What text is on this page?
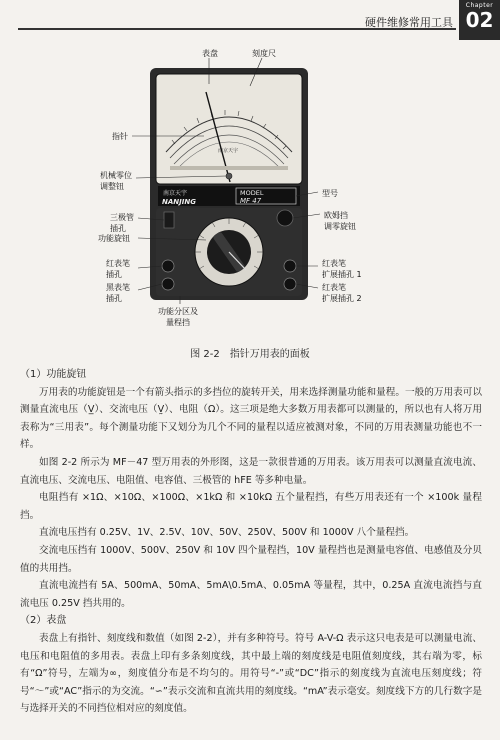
硬件维修常用工具
Chapter
02
南京天宇
南京天宇
NANJING
MODEL
MF 47
表盘	刻度尺
指针
机械零位
调整钮
型号
三极管
插孔
欧姆挡
调零旋钮
功能旋钮
红表笔
插孔
黑表笔
插孔
红表笔
扩展插孔 1
红表笔
扩展插孔 2
功能分区及
量程挡
图 2-2 指针万用表的面板

（1）功能旋钮

万用表的功能旋钮是一个有箭头指示的多挡位的旋转开关，用来选择测量功能和量程。一般的万用表可以测量直流电压（V̲）、交流电压（V̰）、电阻（Ω）。这三项是绝大多数万用表都可以测量的，所以也有人将万用表称为“三用表”。每个测量功能下又划分为几个不同的量程以适应被测对象，不同的万用表测量功能也不一样。

如图 2-2 所示为 MF－47 型万用表的外形图，这是一款很普通的万用表。该万用表可以测量直流电流、直流电压、交流电压、电阻值、电容值、三极管的 hFE 等多种电量。

电阻挡有 ×1Ω、×10Ω、×100Ω、×1kΩ 和 ×10kΩ 五个量程挡，有些万用表还有一个 ×100k 量程挡。

直流电压挡有 0.25V、1V、2.5V、10V、50V、250V、500V 和 1000V 八个量程挡。

交流电压挡有 1000V、500V、250V 和 10V 四个量程挡，10V 量程挡也是测量电容值、电感值及分贝值的共用挡。

直流电流挡有 5A、500mA、50mA、5mA\0.5mA、0.05mA 等量程，其中，0.25A 直流电流挡与直流电压 0.25V 挡共用的。

（2）表盘

表盘上有指针、刻度线和数值（如图 2-2），并有多种符号。符号 A-V-Ω 表示这只电表是可以测量电流、电压和电阻值的多用表。表盘上印有多条刻度线，其中最上端的刻度线是电阻值刻度线，其右端为零，标有“Ω”符号，左端为∞，刻度值分布是不均匀的。用符号“-”或“DC”指示的刻度线为直流电压刻度线；符号“～”或“AC”指示的为交流。“∽”表示交流和直流共用的刻度线。“mA”表示毫安。刻度线下方的几行数字是与选择开关的不同挡位相对应的刻度值。
